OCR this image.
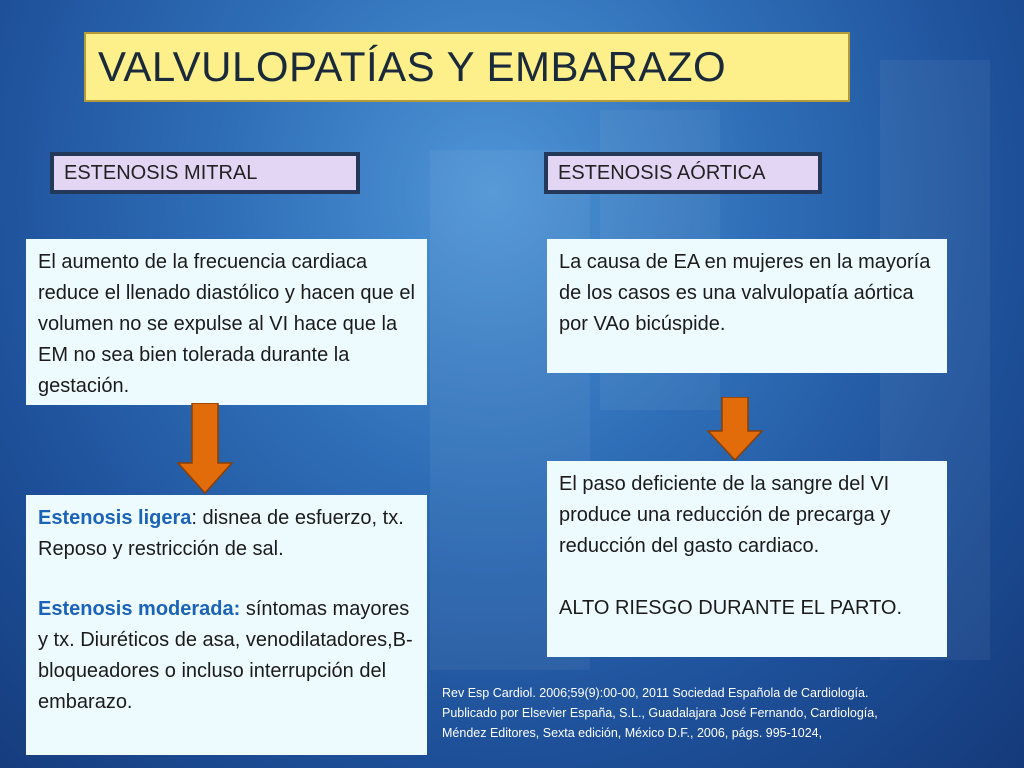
VALVULOPATÍAS Y EMBARAZO
ESTENOSIS MITRAL

El aumento de la frecuencia cardiaca reduce el llenado diastólico y hacen que el volumen no se expulse al VI hace que la EM no sea bien tolerada durante la gestación.

Estenosis ligera: disnea de esfuerzo, tx. Reposo y restricción de sal.

Estenosis moderada: síntomas mayores y tx. Diuréticos de asa, venodilatadores,B- bloqueadores o incluso interrupción del embarazo.

ESTENOSIS AÓRTICA

La causa de EA en mujeres en la mayoría de los casos es una valvulopatía aórtica por VAo bicúspide.

El paso deficiente de la sangre del VI produce una reducción de precarga y reducción del gasto cardiaco.

ALTO RIESGO DURANTE EL PARTO.

Rev Esp Cardiol. 2006;59(9):00-00, 2011 Sociedad Española de Cardiología.

Publicado por Elsevier España, S.L., Guadalajara José Fernando, Cardiología,

Méndez Editores, Sexta edición, México D.F., 2006, págs. 995-1024,
